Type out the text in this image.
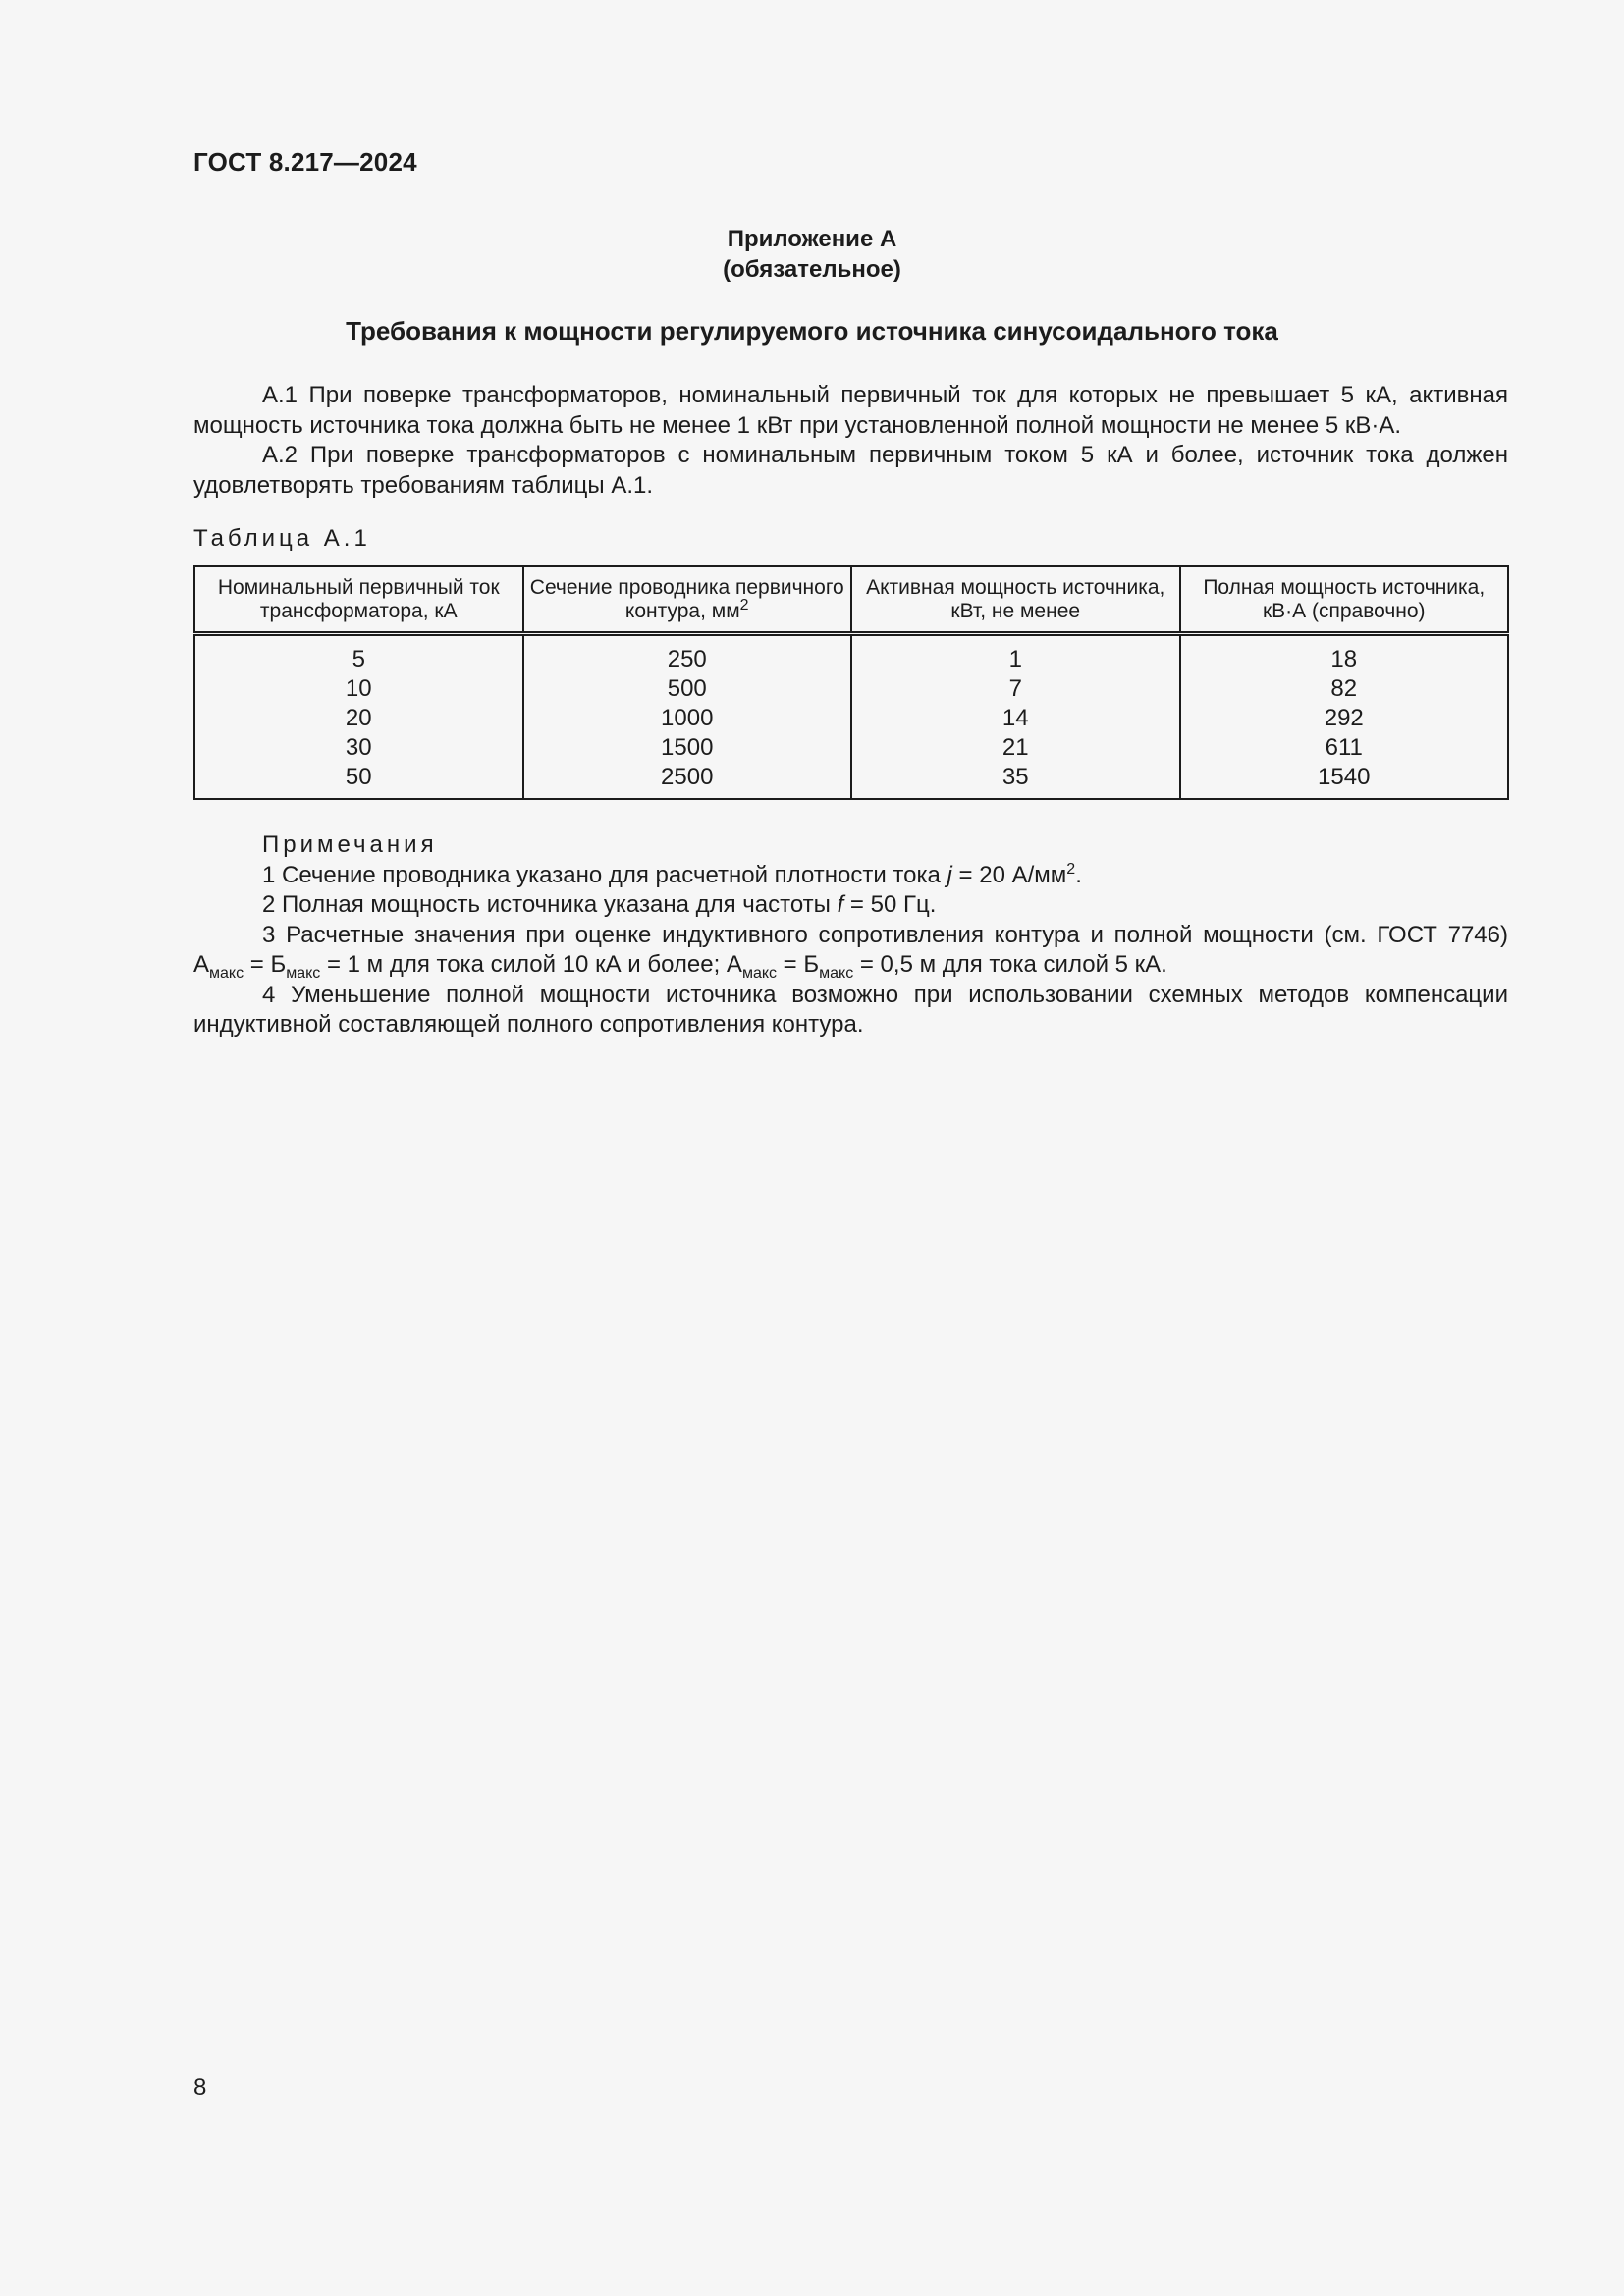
ГОСТ 8.217—2024
Приложение А
(обязательное)
Требования к мощности регулируемого источника синусоидального тока

А.1 При поверке трансформаторов, номинальный первичный ток для которых не превышает 5 кА, активная мощность источника тока должна быть не менее 1 кВт при установленной полной мощности не менее 5 кВ·А.

А.2 При поверке трансформаторов с номинальным первичным током 5 кА и более, источник тока должен удовлетворять требованиям таблицы А.1.

Таблица А.1
Номинальный первичный ток трансформатора, кА	Сечение проводника первичного контура, $мм^2$	Активная мощность источника, кВт, не менее	Полная мощность источника, кВ·А (справочно)
5	250	1	18
10	500	7	82
20	1000	14	292
30	1500	21	611
50	2500	35	1540

Примечания

1 Сечение проводника указано для расчетной плотности тока j = 20 $А/мм^2$.

2 Полная мощность источника указана для частоты f = 50 Гц.

3 Расчетные значения при оценке индуктивного сопротивления контура и полной мощности (см. ГОСТ 7746) $А_{макс} = Б_{макс} = 1$ м для тока силой 10 кА и более; $А_{макс} = Б_{макс} = 0,5$ м для тока силой 5 кА.

4 Уменьшение полной мощности источника возможно при использовании схемных методов компенсации индуктивной составляющей полного сопротивления контура.

8
